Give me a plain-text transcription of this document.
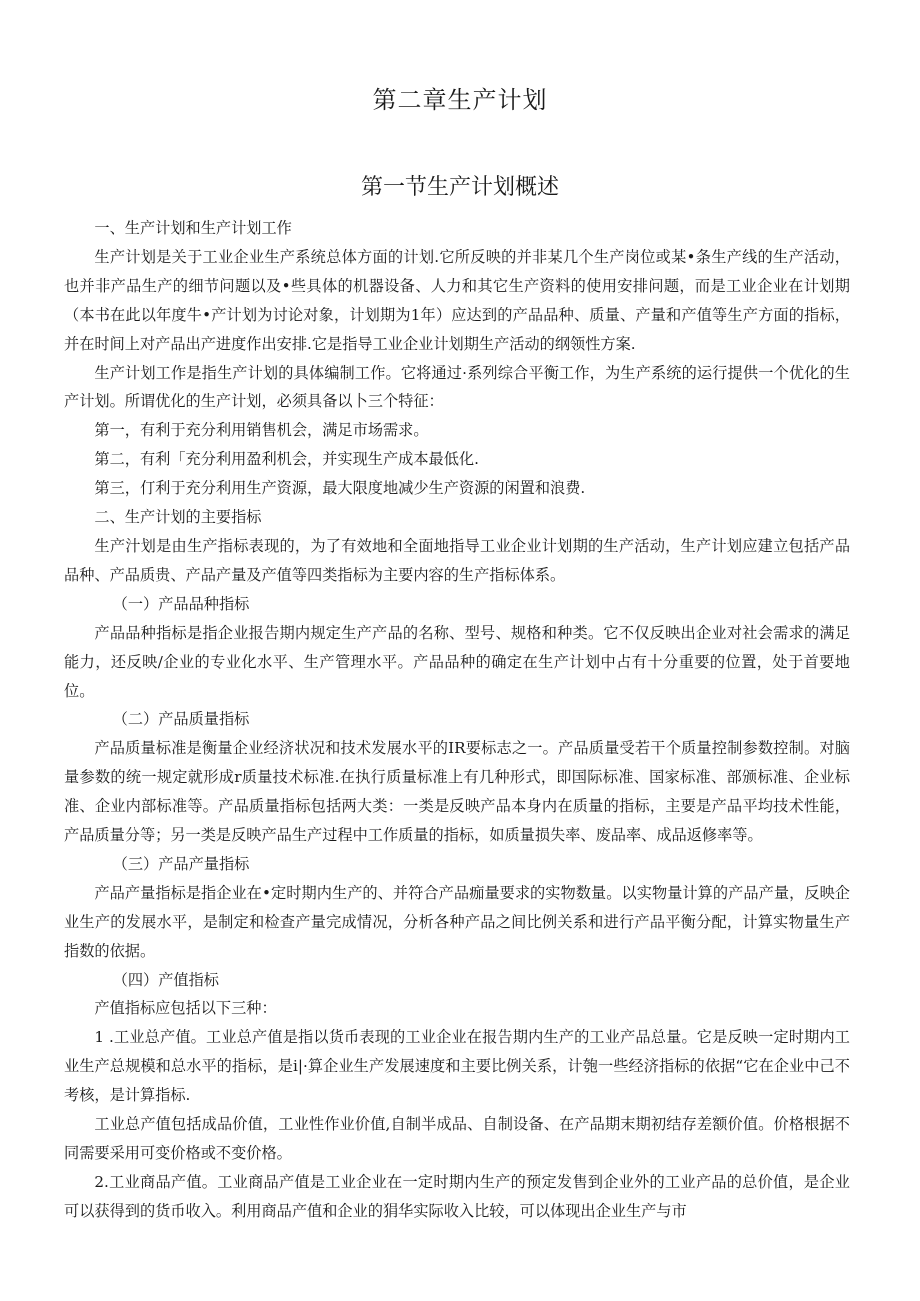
第二章生产计划
第一节生产计划概述

一、生产计划和生产计划工作

生产计划是关于工业企业生产系统总体方面的计划.它所反映的并非某几个生产岗位或某•条生产线的生产活动，也并非产品生产的细节问题以及•些具体的机器设备、人力和其它生产资料的使用安排问题，而是工业企业在计划期（本书在此以年度牛•产计划为讨论对象，计划期为1年）应达到的产品品种、质量、产量和产值等生产方面的指标，并在时间上对产品出产进度作出安排.它是指导工业企业计划期生产活动的纲领性方案.

生产计划工作是指生产计划的具体编制工作。它将通过·系列综合平衡工作，为生产系统的运行提供一个优化的生产计划。所谓优化的生产计划，必须具备以卜三个特征：

第一，有利于充分利用销售机会，满足市场需求。

第二，有利「充分利用盈利机会，并实现生产成本最低化.

第三，仃利于充分利用生产资源，最大限度地减少生产资源的闲置和浪费.

二、生产计划的主要指标

生产汁划是由生产指标表现的，为了有效地和全面地指导工业企业计划期的生产活动，生产计划应建立包括产品品种、产品质贵、产品产量及产值等四类指标为主要内容的生产指标体系。

（一）产品品种指标

产品品种指标是指企业报告期内规定生产产品的名称、型号、规格和种类。它不仅反映出企业对社会需求的满足能力，还反映/企业的专业化水平、生产管理水平。产品品种的确定在生产计划中占有十分重要的位置，处于首要地位。

（二）产品质量指标

产品质量标准是衡量企业经济状况和技术发展水平的IR要标志之一。产品质量受若干个质量控制参数控制。对脑量参数的统一规定就形成r质量技术标准.在执行质量标准上有几种形式，即国际标准、国家标准、部颁标准、企业标准、企业内部标准等。产品质量指标包括两大类：一类是反映产品本身内在质量的指标，主要是产品平均技术性能，产品质量分等；另一类是反映产品生产过程中工作质量的指标，如质量损失率、废品率、成品返修率等。

（三）产品产量指标

产品产量指标是指企业在•定时期内生产的、并符合产品痂量要求的实物数量。以实物量计算的产品产量，反映企业生产的发展水平，是制定和检查产量完成情况，分析各种产品之间比例关系和进行产品平衡分配，计算实物量生产指数的依据。

（四）产值指标

产值指标应包括以下三种：

1 .工业总产值。工业总产值是指以货币表现的工业企业在报告期内生产的工业产品总量。它是反映一定时期内工业生产总规模和总水平的指标，是i|·算企业生产发展速度和主要比例关系，计匏一些经济指标的依据“它在企业中己不考核，是计算指标.

工业总产值包括成品价值，工业性作业价值,自制半成品、自制设备、在产品期末期初结存差额价值。价格根据不同需要采用可变价格或不变价格。

2.工业商品产值。工业商品产值是工业企业在一定时期内生产的预定发售到企业外的工业产品的总价值，是企业可以获得到的货币收入。利用商品产值和企业的狷华实际收入比较，可以体现出企业生产与市
